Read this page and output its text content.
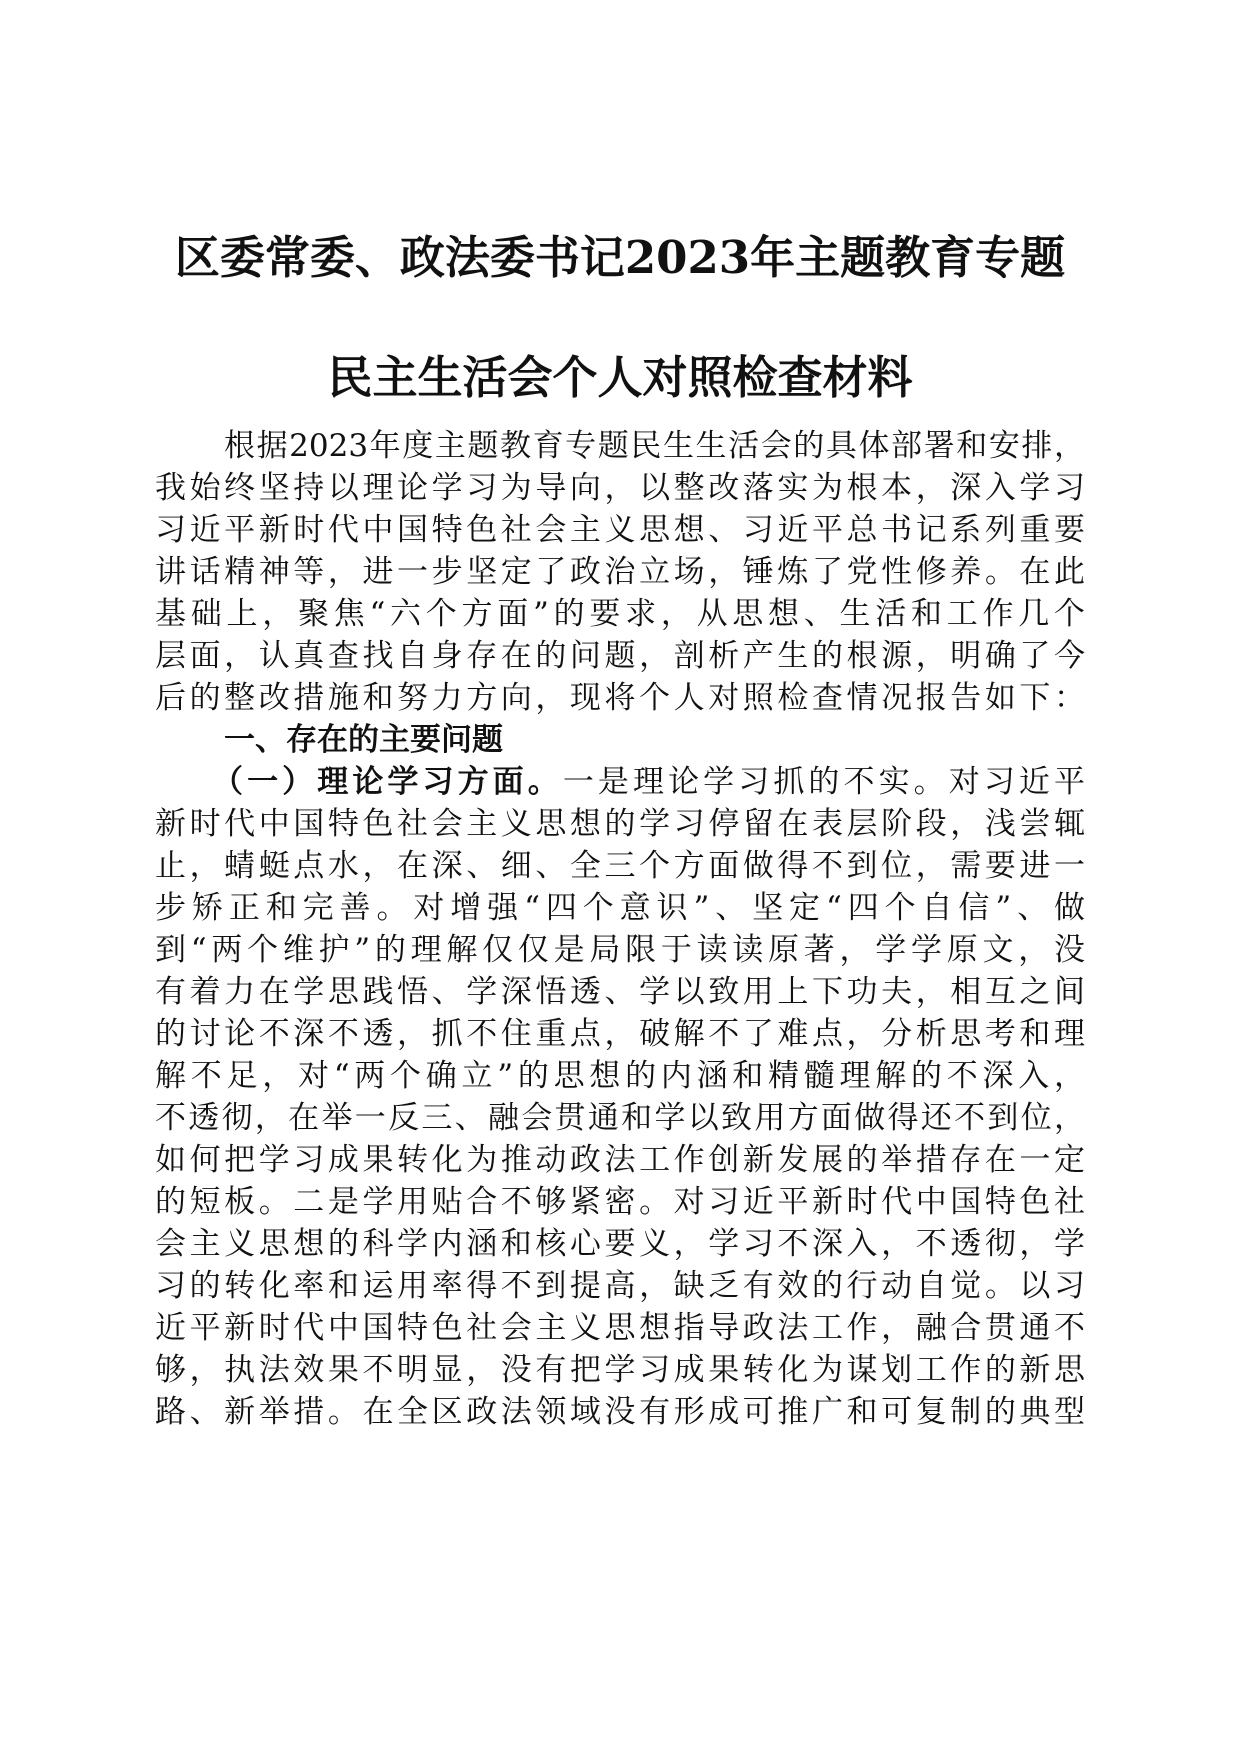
区委常委、政法委书记2023年主题教育专题
民主生活会个人对照检查材料
根据2023年度主题教育专题民生生活会的具体部署和安排，
我始终坚持以理论学习为导向，以整改落实为根本，深入学习
习近平新时代中国特色社会主义思想、习近平总书记系列重要
讲话精神等，进一步坚定了政治立场，锤炼了党性修养。在此
基础上，聚焦“六个方面”的要求，从思想、生活和工作几个
层面，认真查找自身存在的问题，剖析产生的根源，明确了今
后的整改措施和努力方向，现将个人对照检查情况报告如下：
一、存在的主要问题
（一）理论学习方面。一是理论学习抓的不实。对习近平
新时代中国特色社会主义思想的学习停留在表层阶段，浅尝辄
止，蜻蜓点水，在深、细、全三个方面做得不到位，需要进一
步矫正和完善。对增强“四个意识”、坚定“四个自信”、做
到“两个维护”的理解仅仅是局限于读读原著，学学原文，没
有着力在学思践悟、学深悟透、学以致用上下功夫，相互之间
的讨论不深不透，抓不住重点，破解不了难点，分析思考和理
解不足，对“两个确立”的思想的内涵和精髓理解的不深入，
不透彻，在举一反三、融会贯通和学以致用方面做得还不到位，
如何把学习成果转化为推动政法工作创新发展的举措存在一定
的短板。二是学用贴合不够紧密。对习近平新时代中国特色社
会主义思想的科学内涵和核心要义，学习不深入，不透彻，学
习的转化率和运用率得不到提高，缺乏有效的行动自觉。以习
近平新时代中国特色社会主义思想指导政法工作，融合贯通不
够，执法效果不明显，没有把学习成果转化为谋划工作的新思
路、新举措。在全区政法领域没有形成可推广和可复制的典型
